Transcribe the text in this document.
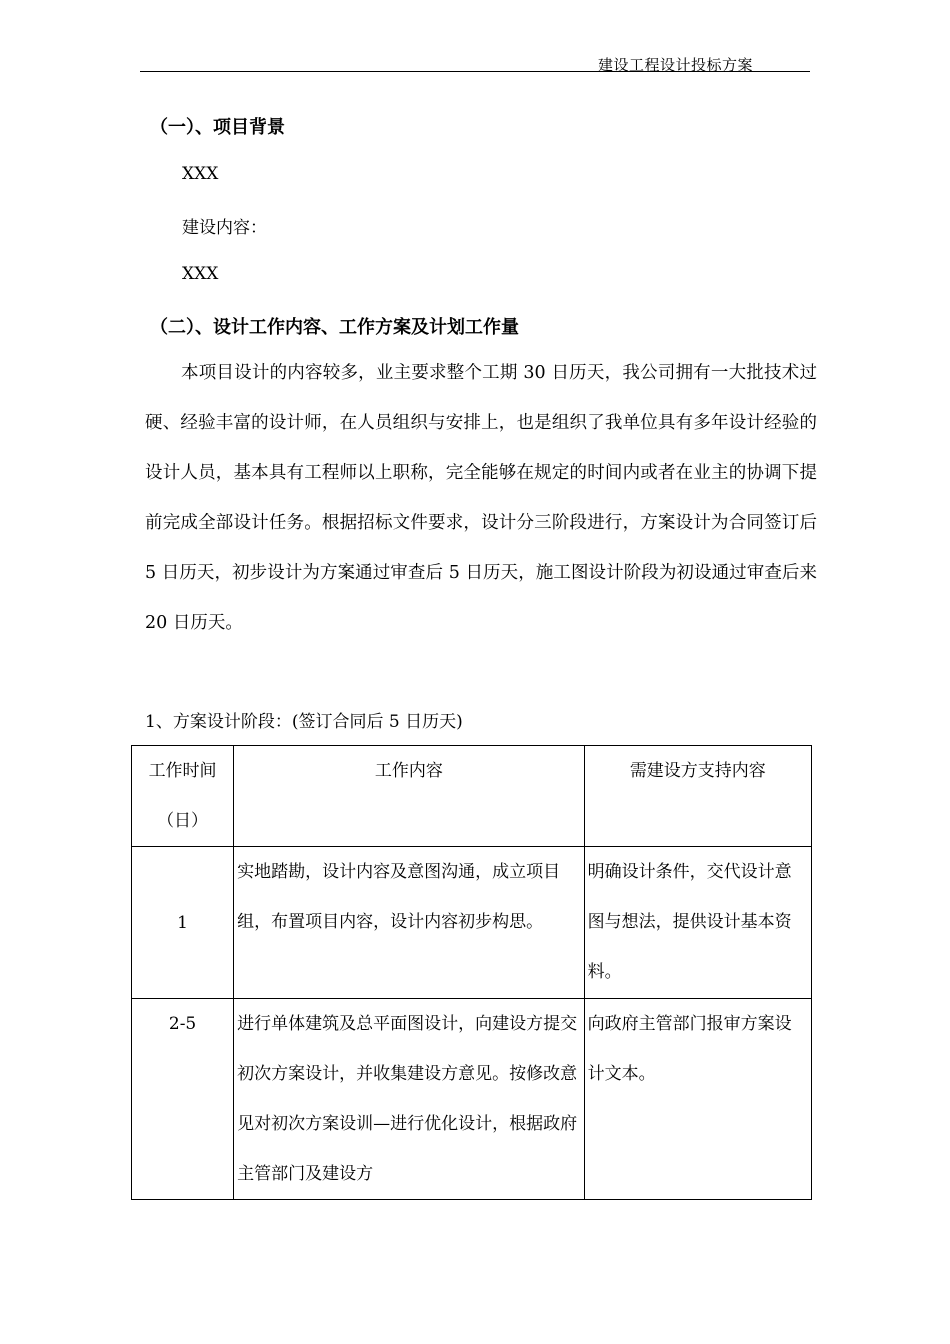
建设工程设计投标方案
（一）、项目背景
XXX
建设内容：
XXX
（二）、设计工作内容、工作方案及计划工作量

本项目设计的内容较多，业主要求整个工期 30 日历天，我公司拥有一大批技术过硬、经验丰富的设计师，在人员组织与安排上，也是组织了我单位具有多年设计经验的设计人员，基本具有工程师以上职称，完全能够在规定的时间内或者在业主的协调下提前完成全部设计任务。根据招标文件要求，设计分三阶段进行，方案设计为合同签订后 5 日历天，初步设计为方案通过审查后 5 日历天，施工图设计阶段为初设通过审查后来 20 日历天。

1、方案设计阶段：(签订合同后 5 日历天)
工作时间（日）	工作内容	需建设方支持内容

1	实地踏勘，设计内容及意图沟通，成立项目组，布置项目内容，设计内容初步构思。	明确设计条件，交代设计意图与想法，提供设计基本资料。

2-5	进行单体建筑及总平面图设计，向建设方提交初次方案设计，并收集建设方意见。按修改意见对初次方案设训—进行优化设计，根据政府主管部门及建设方	向政府主管部门报审方案设计文本。
